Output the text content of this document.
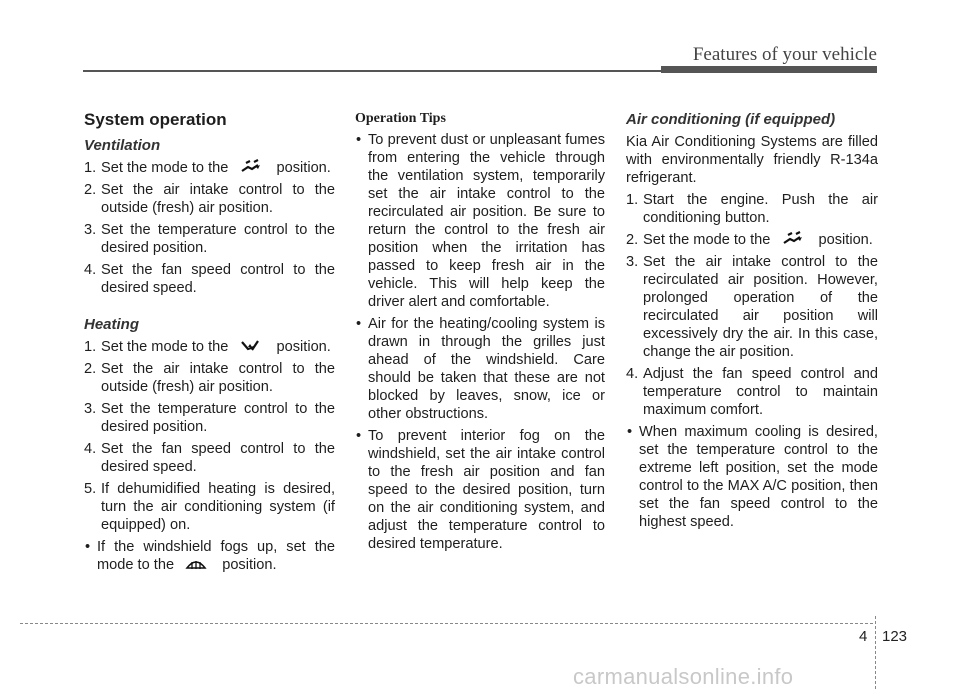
Features of your vehicle
System operation
Ventilation
1. Set the mode to the	position.
2. Set the air intake control to the outside (fresh) air position.
3. Set the temperature control to the desired position.
4. Set the fan speed control to the desired speed.
Heating
1. Set the mode to the	position.
2. Set the air intake control to the outside (fresh) air position.
3. Set the temperature control to the desired position.
4. Set the fan speed control to the desired speed.
5. If dehumidified heating is desired, turn the air conditioning system (if equipped) on.
• If the windshield fogs up, set the mode to the	position.
Operation Tips
• To prevent dust or unpleasant fumes from entering the vehicle through the ventilation system, temporarily set the air intake control to the recirculated air position. Be sure to return the control to the fresh air position when the irritation has passed to keep fresh air in the vehicle. This will help keep the driver alert and comfortable.
• Air for the heating/cooling system is drawn in through the grilles just ahead of the windshield. Care should be taken that these are not blocked by leaves, snow, ice or other obstructions.
• To prevent interior fog on the windshield, set the air intake control to the fresh air position and fan speed to the desired position, turn on the air conditioning system, and adjust the temperature control to desired temperature.
Air conditioning (if equipped)

Kia Air Conditioning Systems are filled with environmentally friendly R-134a refrigerant.

1. Start the engine. Push the air conditioning button.
2. Set the mode to the	position.
3. Set the air intake control to the recirculated air position. However, prolonged operation of the recirculated air position will excessively dry the air. In this case, change the air position.
4. Adjust the fan speed control and temperature control to maintain maximum comfort.
• When maximum cooling is desired, set the temperature control to the extreme left position, set the mode control to the MAX A/C position, then set the fan speed control to the highest speed.
4 123
carmanualsonline.info
